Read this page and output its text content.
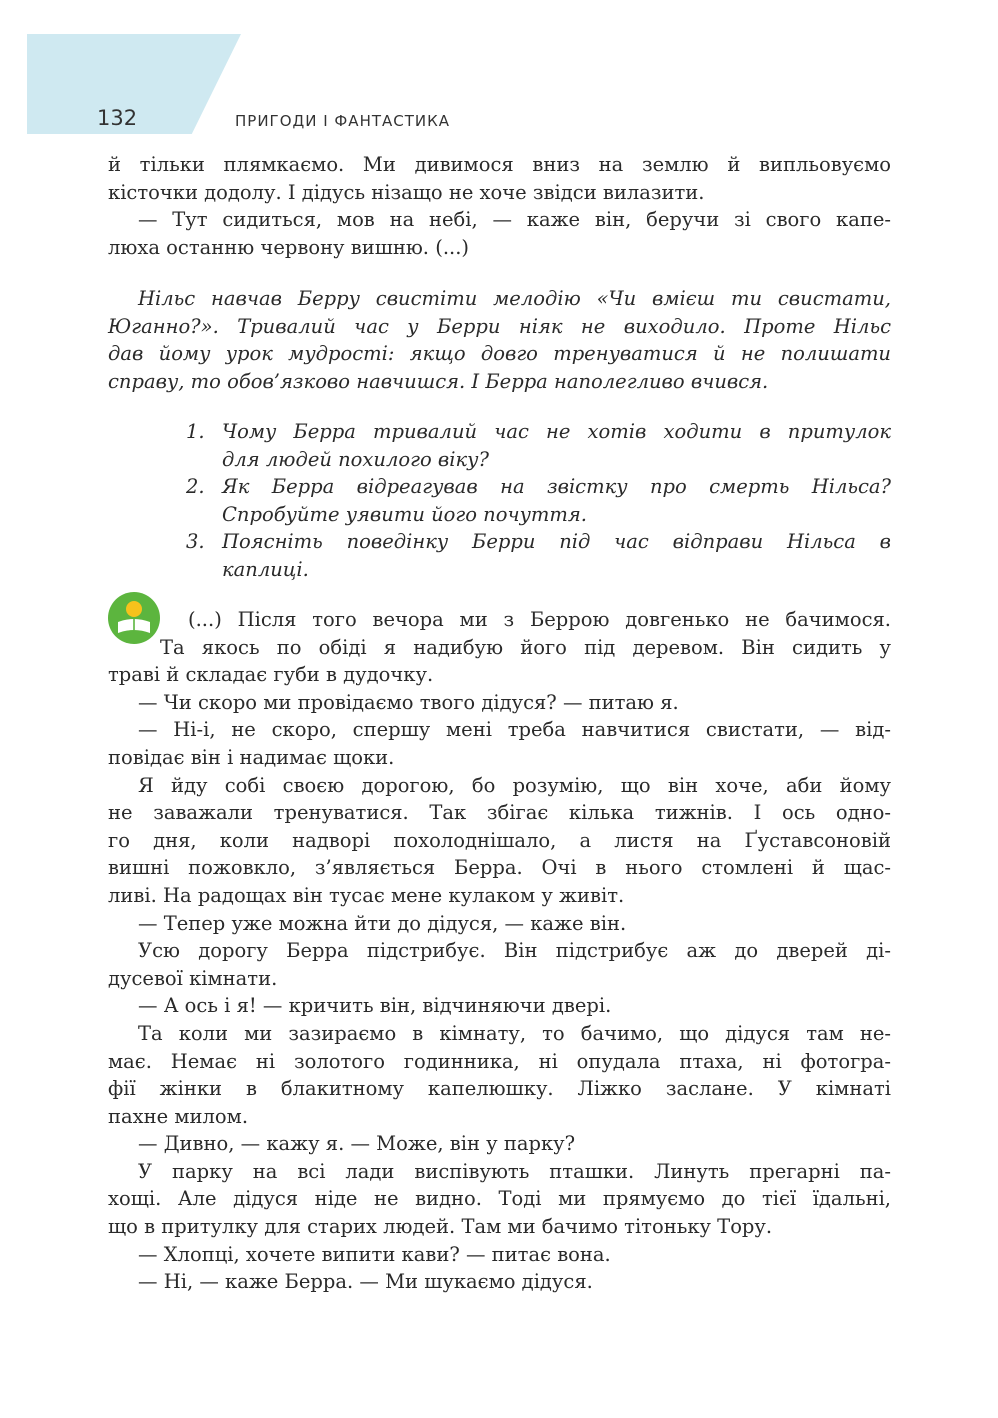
132	ПРИГОДИ І ФАНТАСТИКА
й тільки плямкаємо. Ми дивимося вниз на землю й випльовуємо
кісточки додолу. І дідусь нізащо не хоче звідси вилазити.
— Тут сидиться, мов на небі, — каже він, беручи зі свого капе-
люха останню червону вишню. (...)
Нільс навчав Берру свистіти мелодію «Чи вмієш ти свистати,
Юганно?». Тривалий час у Берри ніяк не виходило. Проте Нільс
дав йому урок мудрості: якщо довго тренуватися й не полишати
справу, то обов’язково навчишся. І Берра наполегливо вчився.
1. Чому Берра тривалий час не хотів ходити в притулок
для людей похилого віку?
2. Як Берра відреагував на звістку про смерть Нільса?
Спробуйте уявити його почуття.
3. Поясніть поведінку Берри під час відправи Нільса в
каплиці.
(...) Після того вечора ми з Беррою довгенько не бачимося.
Та якось по обіді я надибую його під деревом. Він сидить у
траві й складає губи в дудочку.
— Чи скоро ми провідаємо твого дідуся? — питаю я.
— Ні-і, не скоро, спершу мені треба навчитися свистати, — від-
повідає він і надимає щоки.
Я йду собі своєю дорогою, бо розумію, що він хоче, аби йому
не заважали тренуватися. Так збігає кілька тижнів. І ось одно-
го дня, коли надворі похолоднішало, а листя на Ґуставсоновій
вишні пожовкло, з’являється Берра. Очі в нього стомлені й щас-
ливі. На радощах він тусає мене кулаком у живіт.
— Тепер уже можна йти до дідуся, — каже він.
Усю дорогу Берра підстрибує. Він підстрибує аж до дверей ді-
дусевої кімнати.
— А ось і я! — кричить він, відчиняючи двері.
Та коли ми зазираємо в кімнату, то бачимо, що дідуся там не-
має. Немає ні золотого годинника, ні опудала птаха, ні фотогра-
фії жінки в блакитному капелюшку. Ліжко заслане. У кімнаті
пахне милом.
— Дивно, — кажу я. — Може, він у парку?
У парку на всі лади виспівують пташки. Линуть прегарні па-
хощі. Але дідуся ніде не видно. Тоді ми прямуємо до тієї їдальні,
що в притулку для старих людей. Там ми бачимо тітоньку Тору.
— Хлопці, хочете випити кави? — питає вона.
— Ні, — каже Берра. — Ми шукаємо дідуся.
